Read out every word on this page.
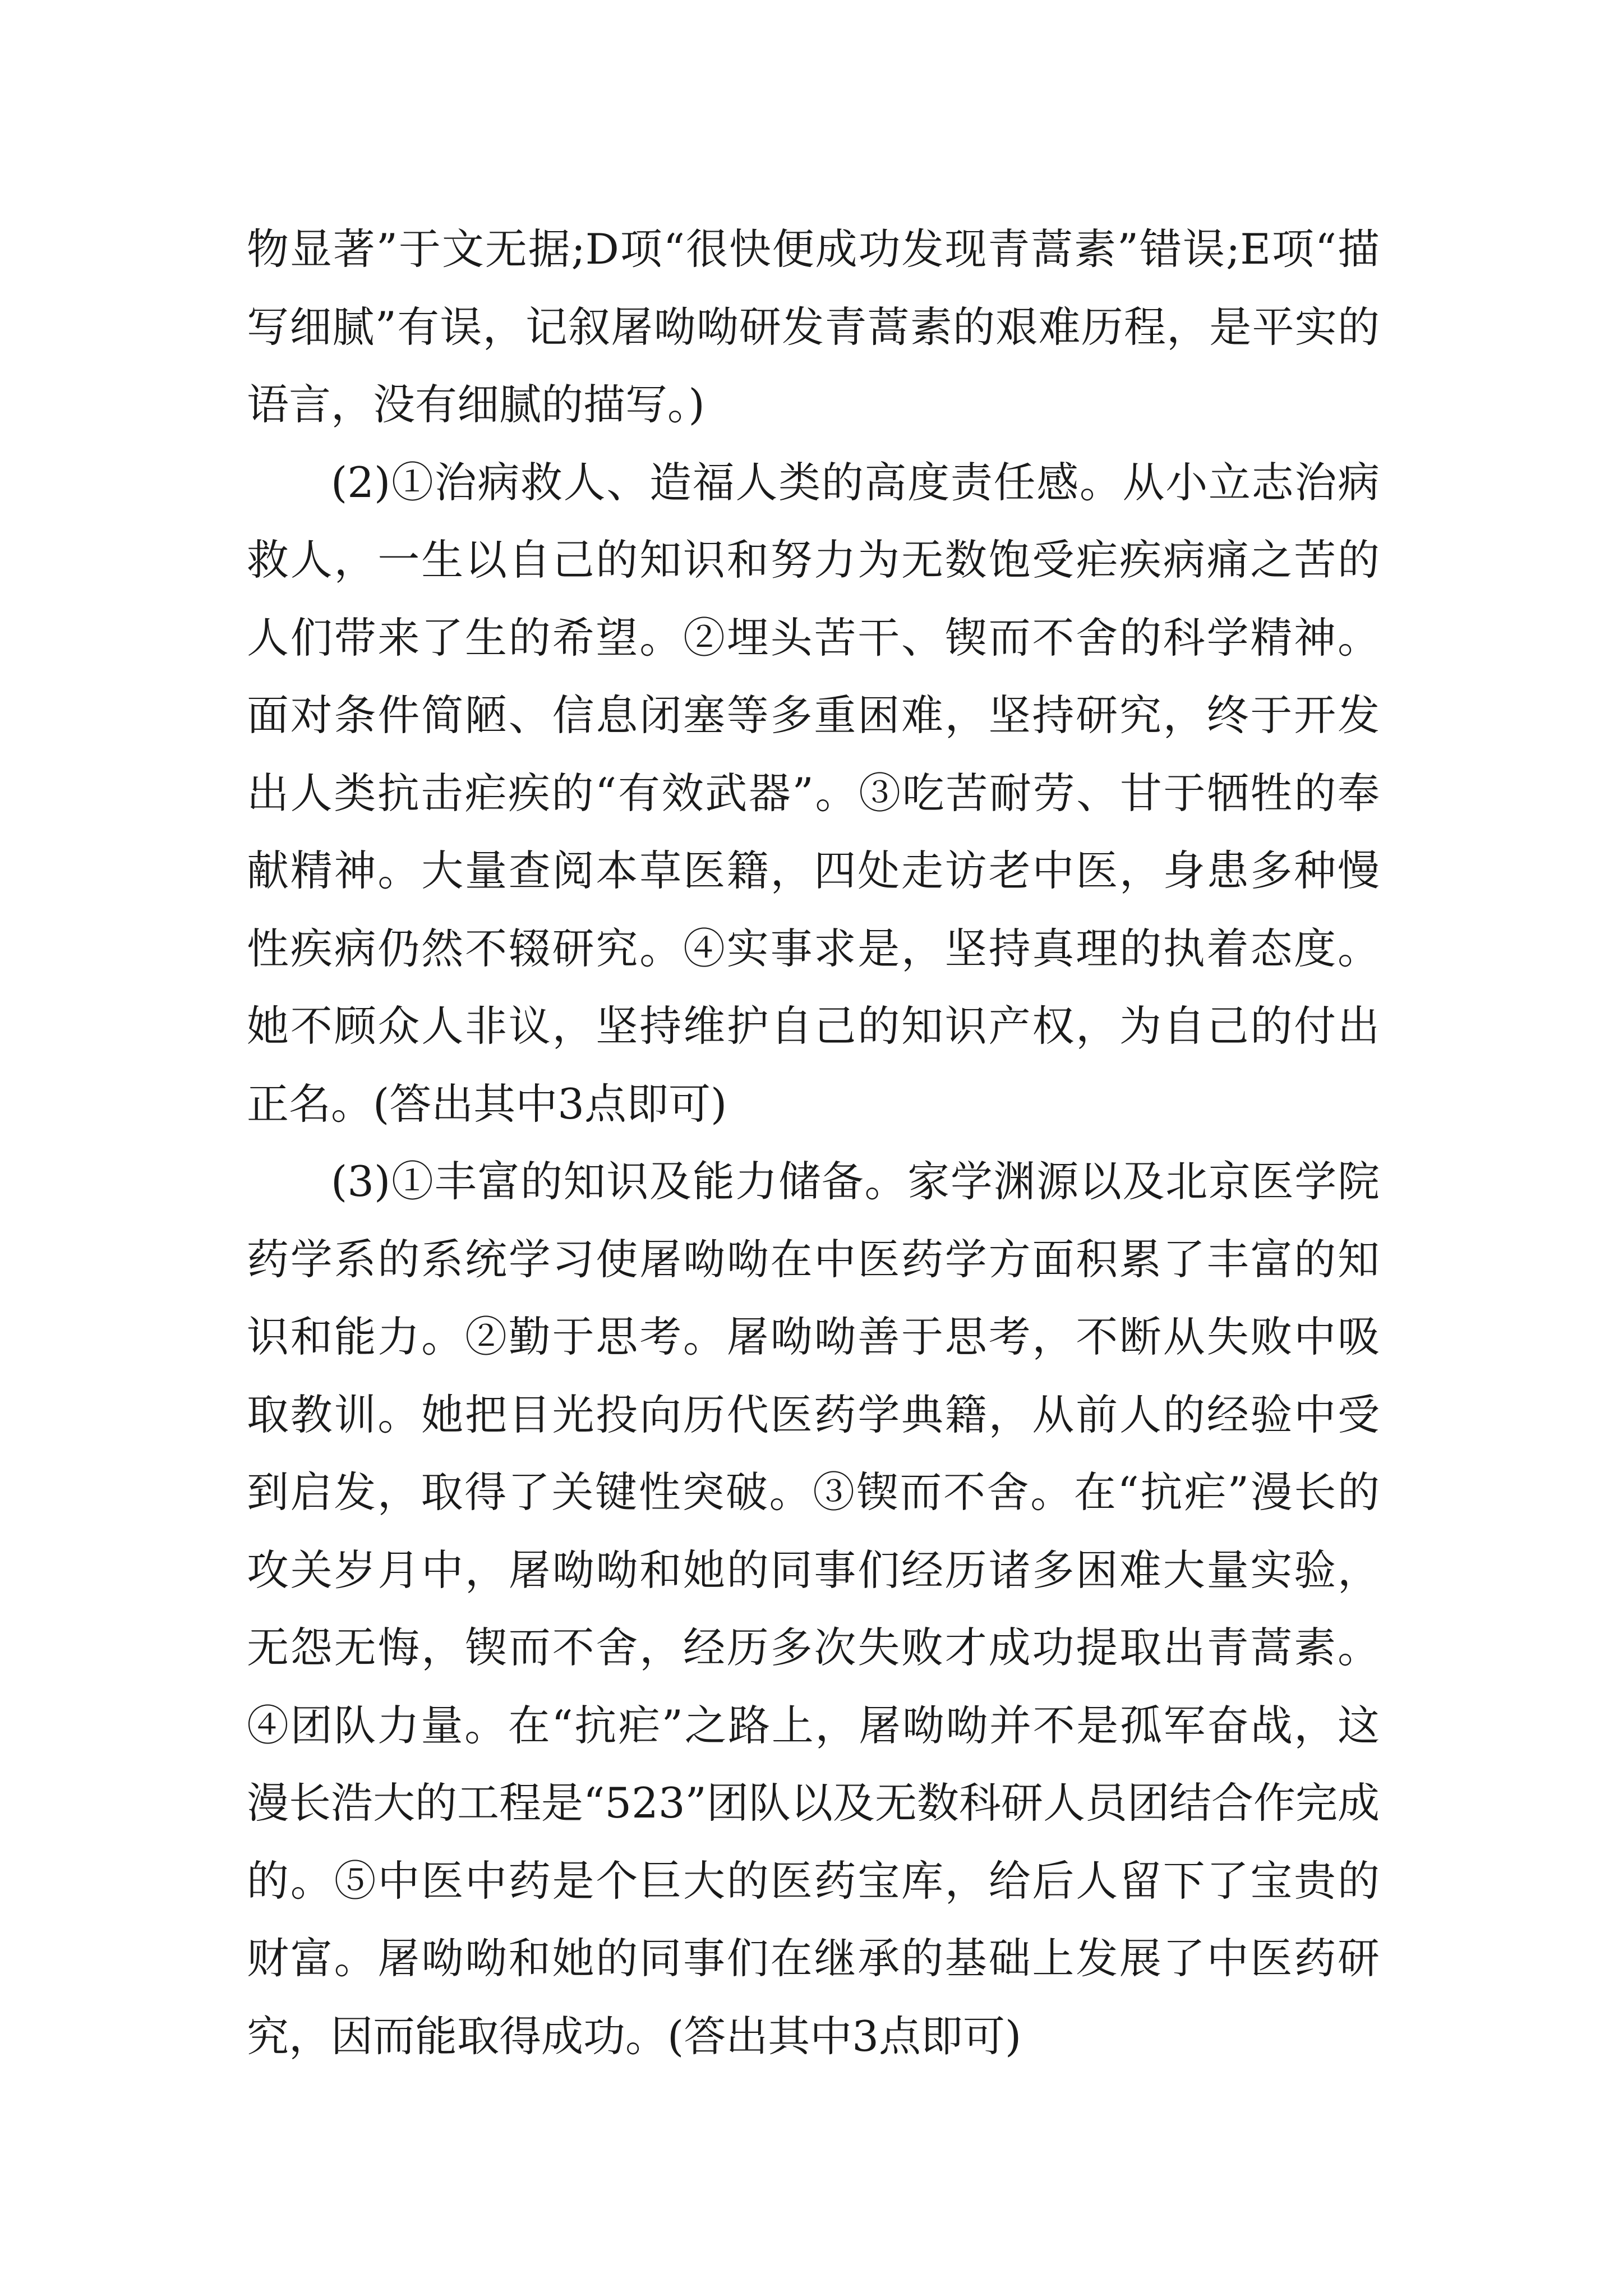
物显著”于文无据;D项“很快便成功发现青蒿素”错误;E项“描写细腻”有误，记叙屠呦呦研发青蒿素的艰难历程，是平实的语言，没有细腻的描写。)

(2)①治病救人、造福人类的高度责任感。从小立志治病救人，一生以自己的知识和努力为无数饱受疟疾病痛之苦的人们带来了生的希望。②埋头苦干、锲而不舍的科学精神。面对条件简陋、信息闭塞等多重困难，坚持研究，终于开发出人类抗击疟疾的“有效武器”。③吃苦耐劳、甘于牺牲的奉献精神。大量查阅本草医籍，四处走访老中医，身患多种慢性疾病仍然不辍研究。④实事求是，坚持真理的执着态度。她不顾众人非议，坚持维护自己的知识产权，为自己的付出正名。(答出其中3点即可)

(3)①丰富的知识及能力储备。家学渊源以及北京医学院药学系的系统学习使屠呦呦在中医药学方面积累了丰富的知识和能力。②勤于思考。屠呦呦善于思考，不断从失败中吸取教训。她把目光投向历代医药学典籍，从前人的经验中受到启发，取得了关键性突破。③锲而不舍。在“抗疟”漫长的攻关岁月中，屠呦呦和她的同事们经历诸多困难大量实验，无怨无悔，锲而不舍，经历多次失败才成功提取出青蒿素。④团队力量。在“抗疟”之路上，屠呦呦并不是孤军奋战，这漫长浩大的工程是“523”团队以及无数科研人员团结合作完成的。⑤中医中药是个巨大的医药宝库，给后人留下了宝贵的财富。屠呦呦和她的同事们在继承的基础上发展了中医药研究，因而能取得成功。(答出其中3点即可)
